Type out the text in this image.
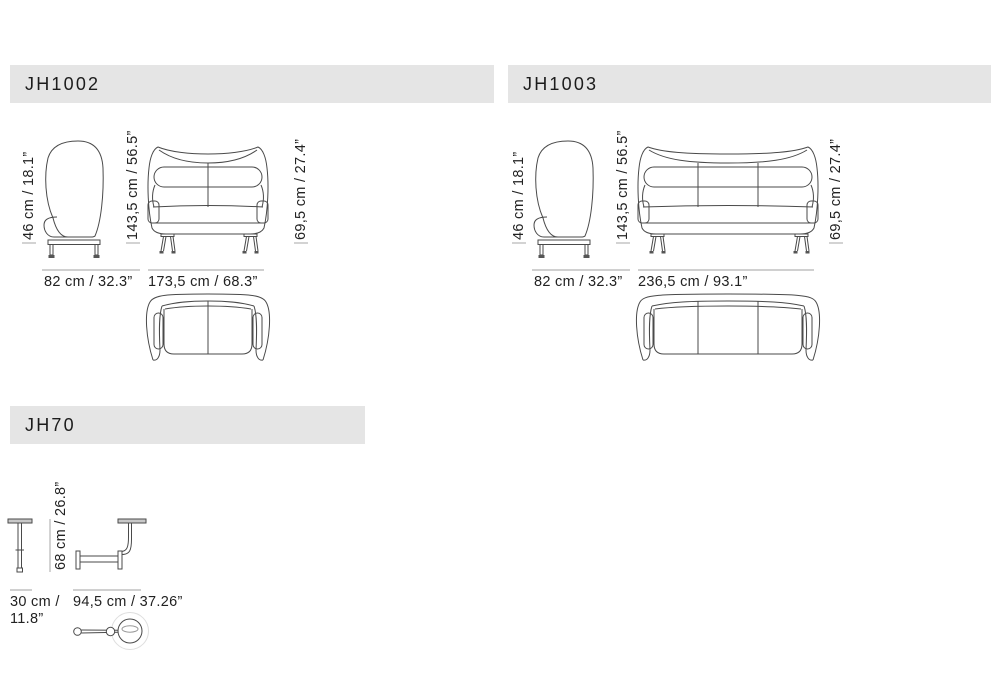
JH1002	JH1003
JH70
46 cm / 18.1”
82 cm / 32.3”
143,5 cm / 56.5”	69,5 cm / 27.4”
173,5 cm / 68.3”
46 cm / 18.1”
82 cm / 32.3”
143,5 cm / 56.5”	69,5 cm / 27.4”
236,5 cm / 93.1”
68 cm / 26.8”
30 cm /
11.8”
94,5 cm / 37.26”
